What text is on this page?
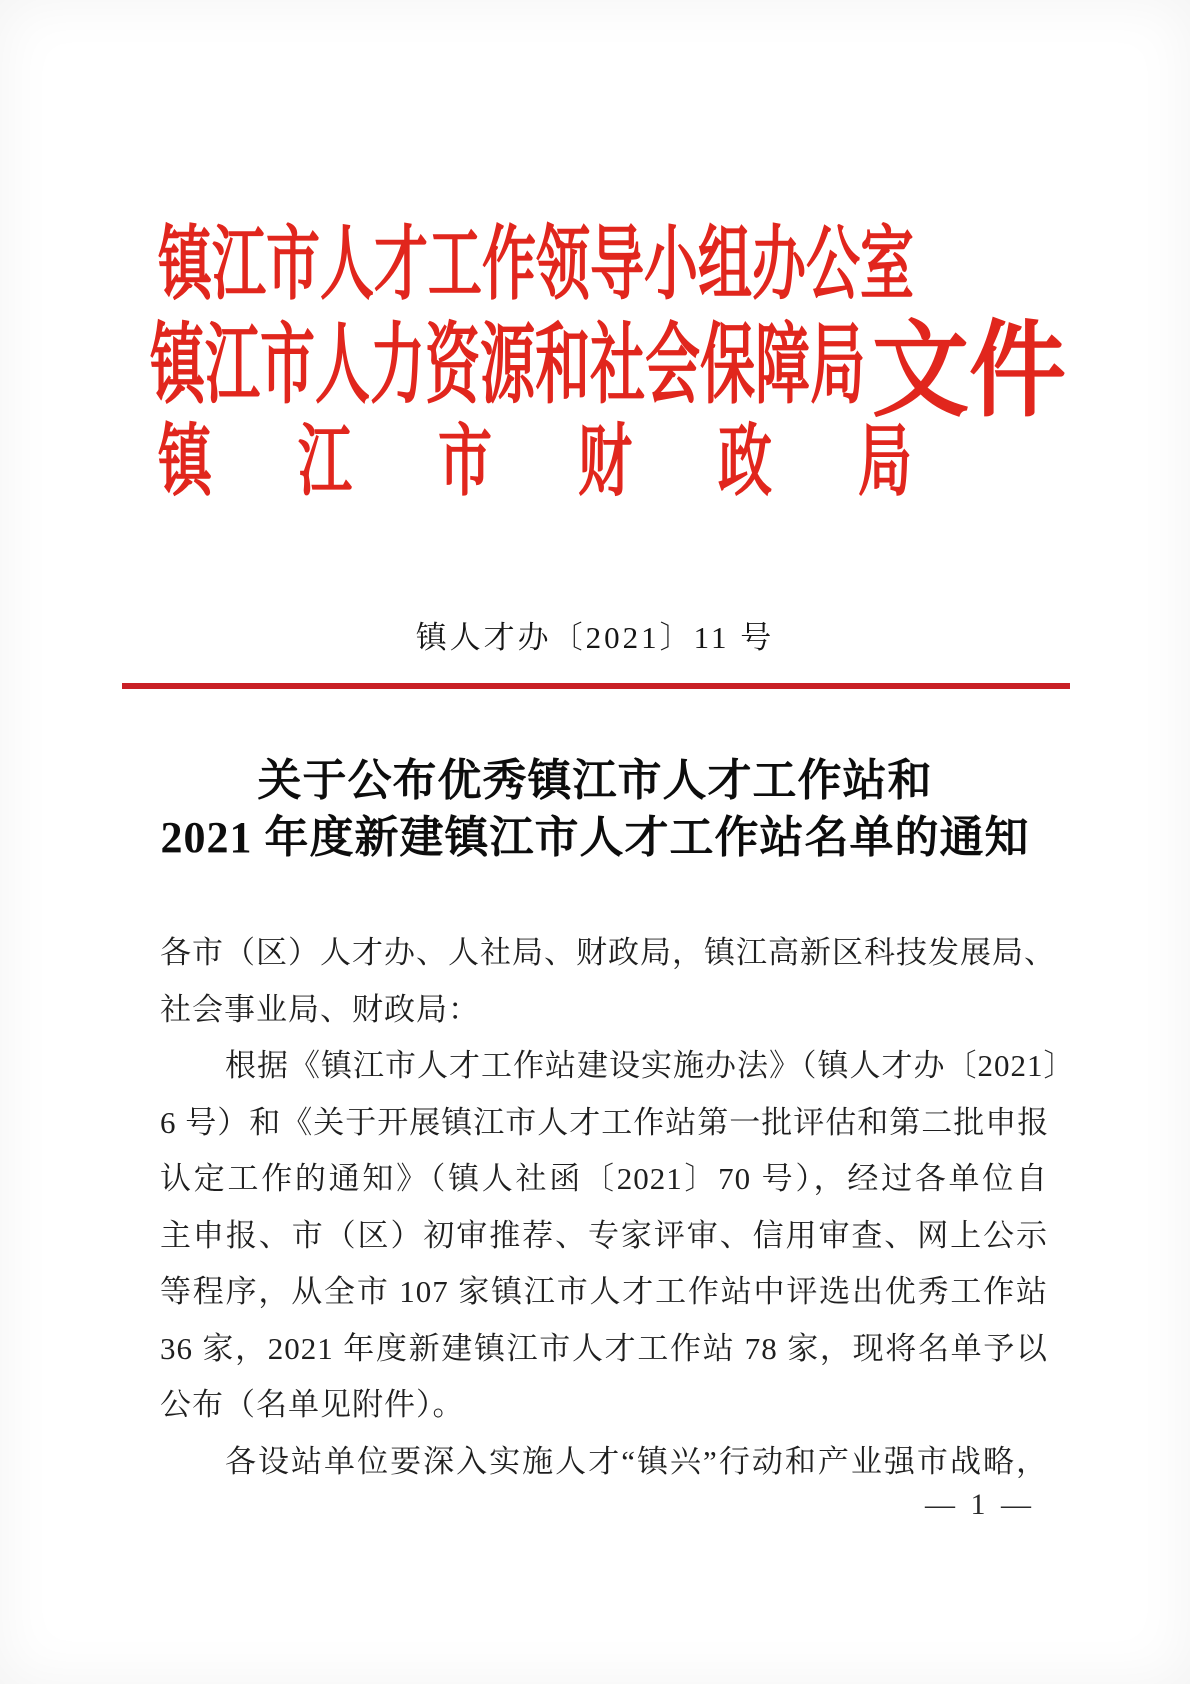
镇 江 市 人 才 工 作 领 导 小 组 办 公 室
镇 江 市 人 力 资 源 和 社 会 保 障 局 文 件
镇 江 市 财 政 局
镇人才办〔2021〕11 号
关于公布优秀镇江市人才工作站和
2021 年度新建镇江市人才工作站名单的通知
各市（区）人才办、人社局、财政局，镇江高新区科技发展局、
社会事业局、财政局：
根据《镇江市人才工作站建设实施办法》（镇人才办〔2021〕
6 号）和《关于开展镇江市人才工作站第一批评估和第二批申报
认定工作的通知》（镇人社函〔2021〕70 号），经过各单位自
主申报、市（区）初审推荐、专家评审、信用审查、网上公示
等程序，从全市 107 家镇江市人才工作站中评选出优秀工作站
36 家，2021 年度新建镇江市人才工作站 78 家，现将名单予以
公布（名单见附件）。
各设站单位要深入实施人才“镇兴”行动和产业强市战略，
— 1 —
